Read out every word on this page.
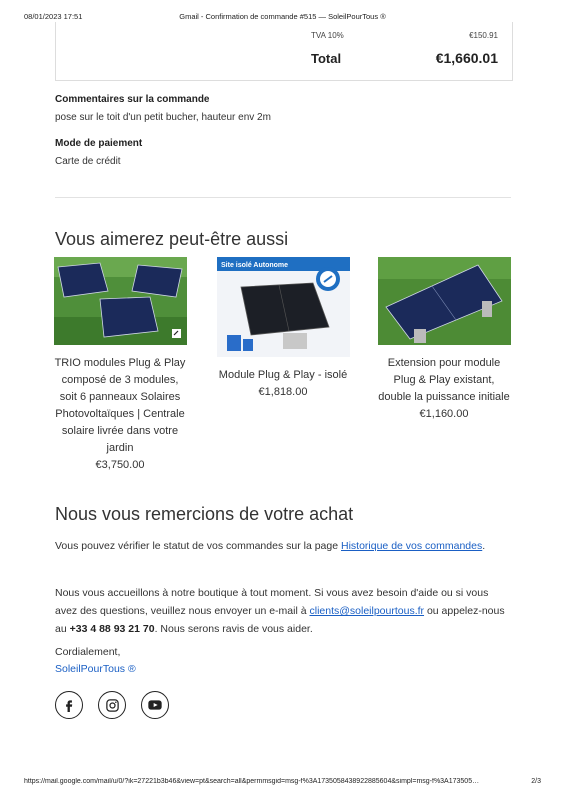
08/01/2023 17:51	Gmail - Confirmation de commande #515 — SoleilPourTous ®
TVA 10%	€150.91
Total	€1,660.01
Commentaires sur la commande
pose sur le toit d'un petit bucher, hauteur env 2m
Mode de paiement
Carte de crédit
Vous aimerez peut-être aussi
TRIO modules Plug & Play composé de 3 modules, soit 6 panneaux Solaires Photovoltaïques | Centrale solaire livrée dans votre jardin
€3,750.00
Site isolé Autonome
Module Plug & Play - isolé
€1,818.00
Extension pour module Plug & Play existant, double la puissance initiale
€1,160.00
Nous vous remercions de votre achat
Vous pouvez vérifier le statut de vos commandes sur la page Historique de vos commandes.
Nous vous accueillons à notre boutique à tout moment. Si vous avez besoin d'aide ou si vous avez des questions, veuillez nous envoyer un e-mail à clients@soleilpourtous.fr ou appelez-nous au +33 4 88 93 21 70. Nous serons ravis de vous aider.
Cordialement,
SoleilPourTous ®
https://mail.google.com/mail/u/0/?ik=27221b3b46&view=pt&search=all&permmsgid=msg-f%3A1735058438922885604&simpl=msg-f%3A173505…	2/3
